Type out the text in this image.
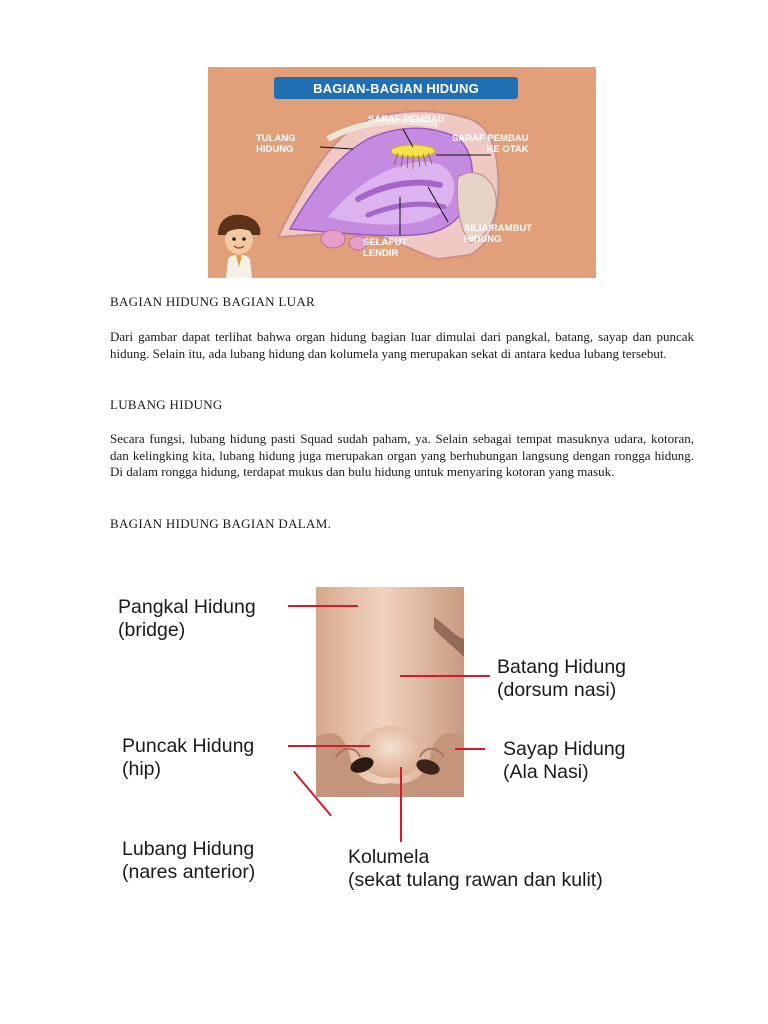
BAGIAN-BAGIAN HIDUNG
SARAF PEMBAU
TULANG
HIDUNG
SARAF PEMBAU
KE OTAK
SILIA/RAMBUT
HIDUNG
SELAPUT
LENDIR
BAGIAN HIDUNG BAGIAN LUAR
Dari gambar dapat terlihat bahwa organ hidung bagian luar dimulai dari pangkal, batang, sayap dan puncak hidung. Selain itu, ada lubang hidung dan kolumela yang merupakan sekat di antara kedua lubang tersebut.
LUBANG HIDUNG
Secara fungsi, lubang hidung pasti Squad sudah paham, ya. Selain sebagai tempat masuknya udara, kotoran, dan kelingking kita, lubang hidung juga merupakan organ yang berhubungan langsung dengan rongga hidung. Di dalam rongga hidung, terdapat mukus dan bulu hidung untuk menyaring kotoran yang masuk.
BAGIAN HIDUNG BAGIAN DALAM.
Pangkal Hidung
(bridge)
Batang Hidung
(dorsum nasi)
Puncak Hidung
(hip)
Sayap Hidung
(Ala Nasi)
Lubang Hidung
(nares anterior)
Kolumela
(sekat tulang rawan dan kulit)
